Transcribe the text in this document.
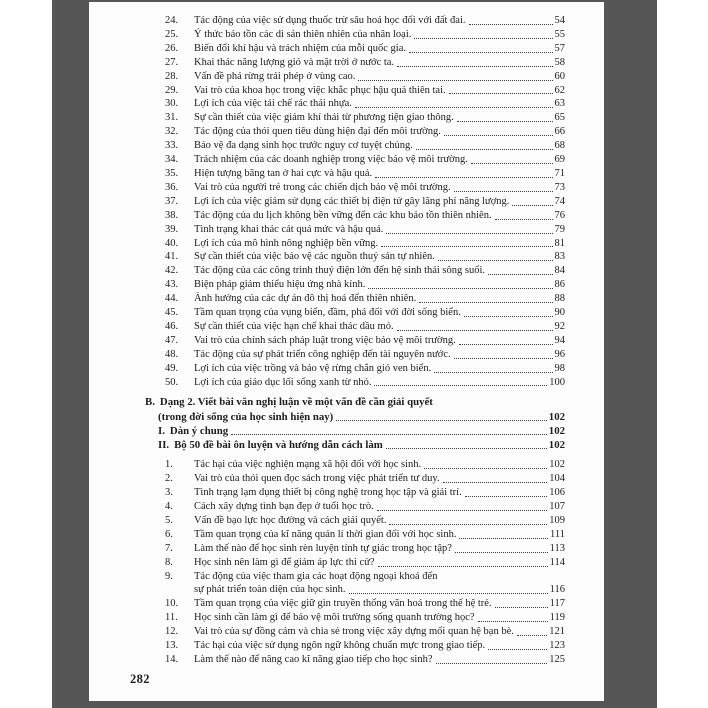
24.	Tác động của việc sử dụng thuốc trừ sâu hoá học đối với đất đai.	54
25.	Ý thức bảo tồn các di sản thiên nhiên của nhân loại.	55
26.	Biến đổi khí hậu và trách nhiệm của mỗi quốc gia.	57
27.	Khai thác năng lượng gió và mặt trời ở nước ta.	58
28.	Vấn đề phá rừng trái phép ở vùng cao.	60
29.	Vai trò của khoa học trong việc khắc phục hậu quả thiên tai.	62
30.	Lợi ích của việc tái chế rác thải nhựa.	63
31.	Sự cần thiết của việc giảm khí thải từ phương tiện giao thông.	65
32.	Tác động của thói quen tiêu dùng hiện đại đến môi trường.	66
33.	Bảo vệ đa dạng sinh học trước nguy cơ tuyệt chủng.	68
34.	Trách nhiệm của các doanh nghiệp trong việc bảo vệ môi trường.	69
35.	Hiện tượng băng tan ở hai cực và hậu quả.	71
36.	Vai trò của người trẻ trong các chiến dịch bảo vệ môi trường.	73
37.	Lợi ích của việc giảm sử dụng các thiết bị điện tử gây lãng phí năng lượng.	74
38.	Tác động của du lịch không bền vững đến các khu bảo tồn thiên nhiên.	76
39.	Tình trạng khai thác cát quá mức và hậu quả.	79
40.	Lợi ích của mô hình nông nghiệp bền vững.	81
41.	Sự cần thiết của việc bảo vệ các nguồn thuỷ sản tự nhiên.	83
42.	Tác động của các công trình thuỷ điện lớn đến hệ sinh thái sông suối.	84
43.	Biện pháp giảm thiểu hiệu ứng nhà kính.	86
44.	Ảnh hưởng của các dự án đô thị hoá đến thiên nhiên.	88
45.	Tầm quan trọng của vụng biển, đầm, phá đối với đời sống biển.	90
46.	Sự cần thiết của việc hạn chế khai thác dầu mỏ.	92
47.	Vai trò của chính sách pháp luật trong việc bảo vệ môi trường.	94
48.	Tác động của sự phát triển công nghiệp đến tài nguyên nước.	96
49.	Lợi ích của việc trồng và bảo vệ rừng chắn gió ven biển.	98
50.	Lợi ích của giáo dục lối sống xanh từ nhỏ.	100
B. Dạng 2. Viết bài văn nghị luận về một vấn đề cần giải quyết
(trong đời sống của học sinh hiện nay)	102
I. Dàn ý chung	102
II. Bộ 50 đề bài ôn luyện và hướng dẫn cách làm	102
1.	Tác hại của việc nghiện mạng xã hội đối với học sinh.	102
2.	Vai trò của thói quen đọc sách trong việc phát triển tư duy.	104
3.	Tình trạng lạm dụng thiết bị công nghệ trong học tập và giải trí.	106
4.	Cách xây dựng tình bạn đẹp ở tuổi học trò.	107
5.	Vấn đề bạo lực học đường và cách giải quyết.	109
6.	Tầm quan trọng của kĩ năng quản lí thời gian đối với học sinh.	111
7.	Làm thế nào để học sinh rèn luyện tính tự giác trong học tập?	113
8.	Học sinh nên làm gì để giảm áp lực thi cử?	114
9.	Tác động của việc tham gia các hoạt động ngoại khoá đến
sự phát triển toàn diện của học sinh.	116
10.	Tầm quan trọng của việc giữ gìn truyền thống văn hoá trong thế hệ trẻ.	117
11.	Học sinh cần làm gì để bảo vệ môi trường sống quanh trường học?	119
12.	Vai trò của sự đồng cảm và chia sẻ trong việc xây dựng mối quan hệ bạn bè.	121
13.	Tác hại của việc sử dụng ngôn ngữ không chuẩn mực trong giao tiếp.	123
14.	Làm thế nào để nâng cao kĩ năng giao tiếp cho học sinh?	125
282
